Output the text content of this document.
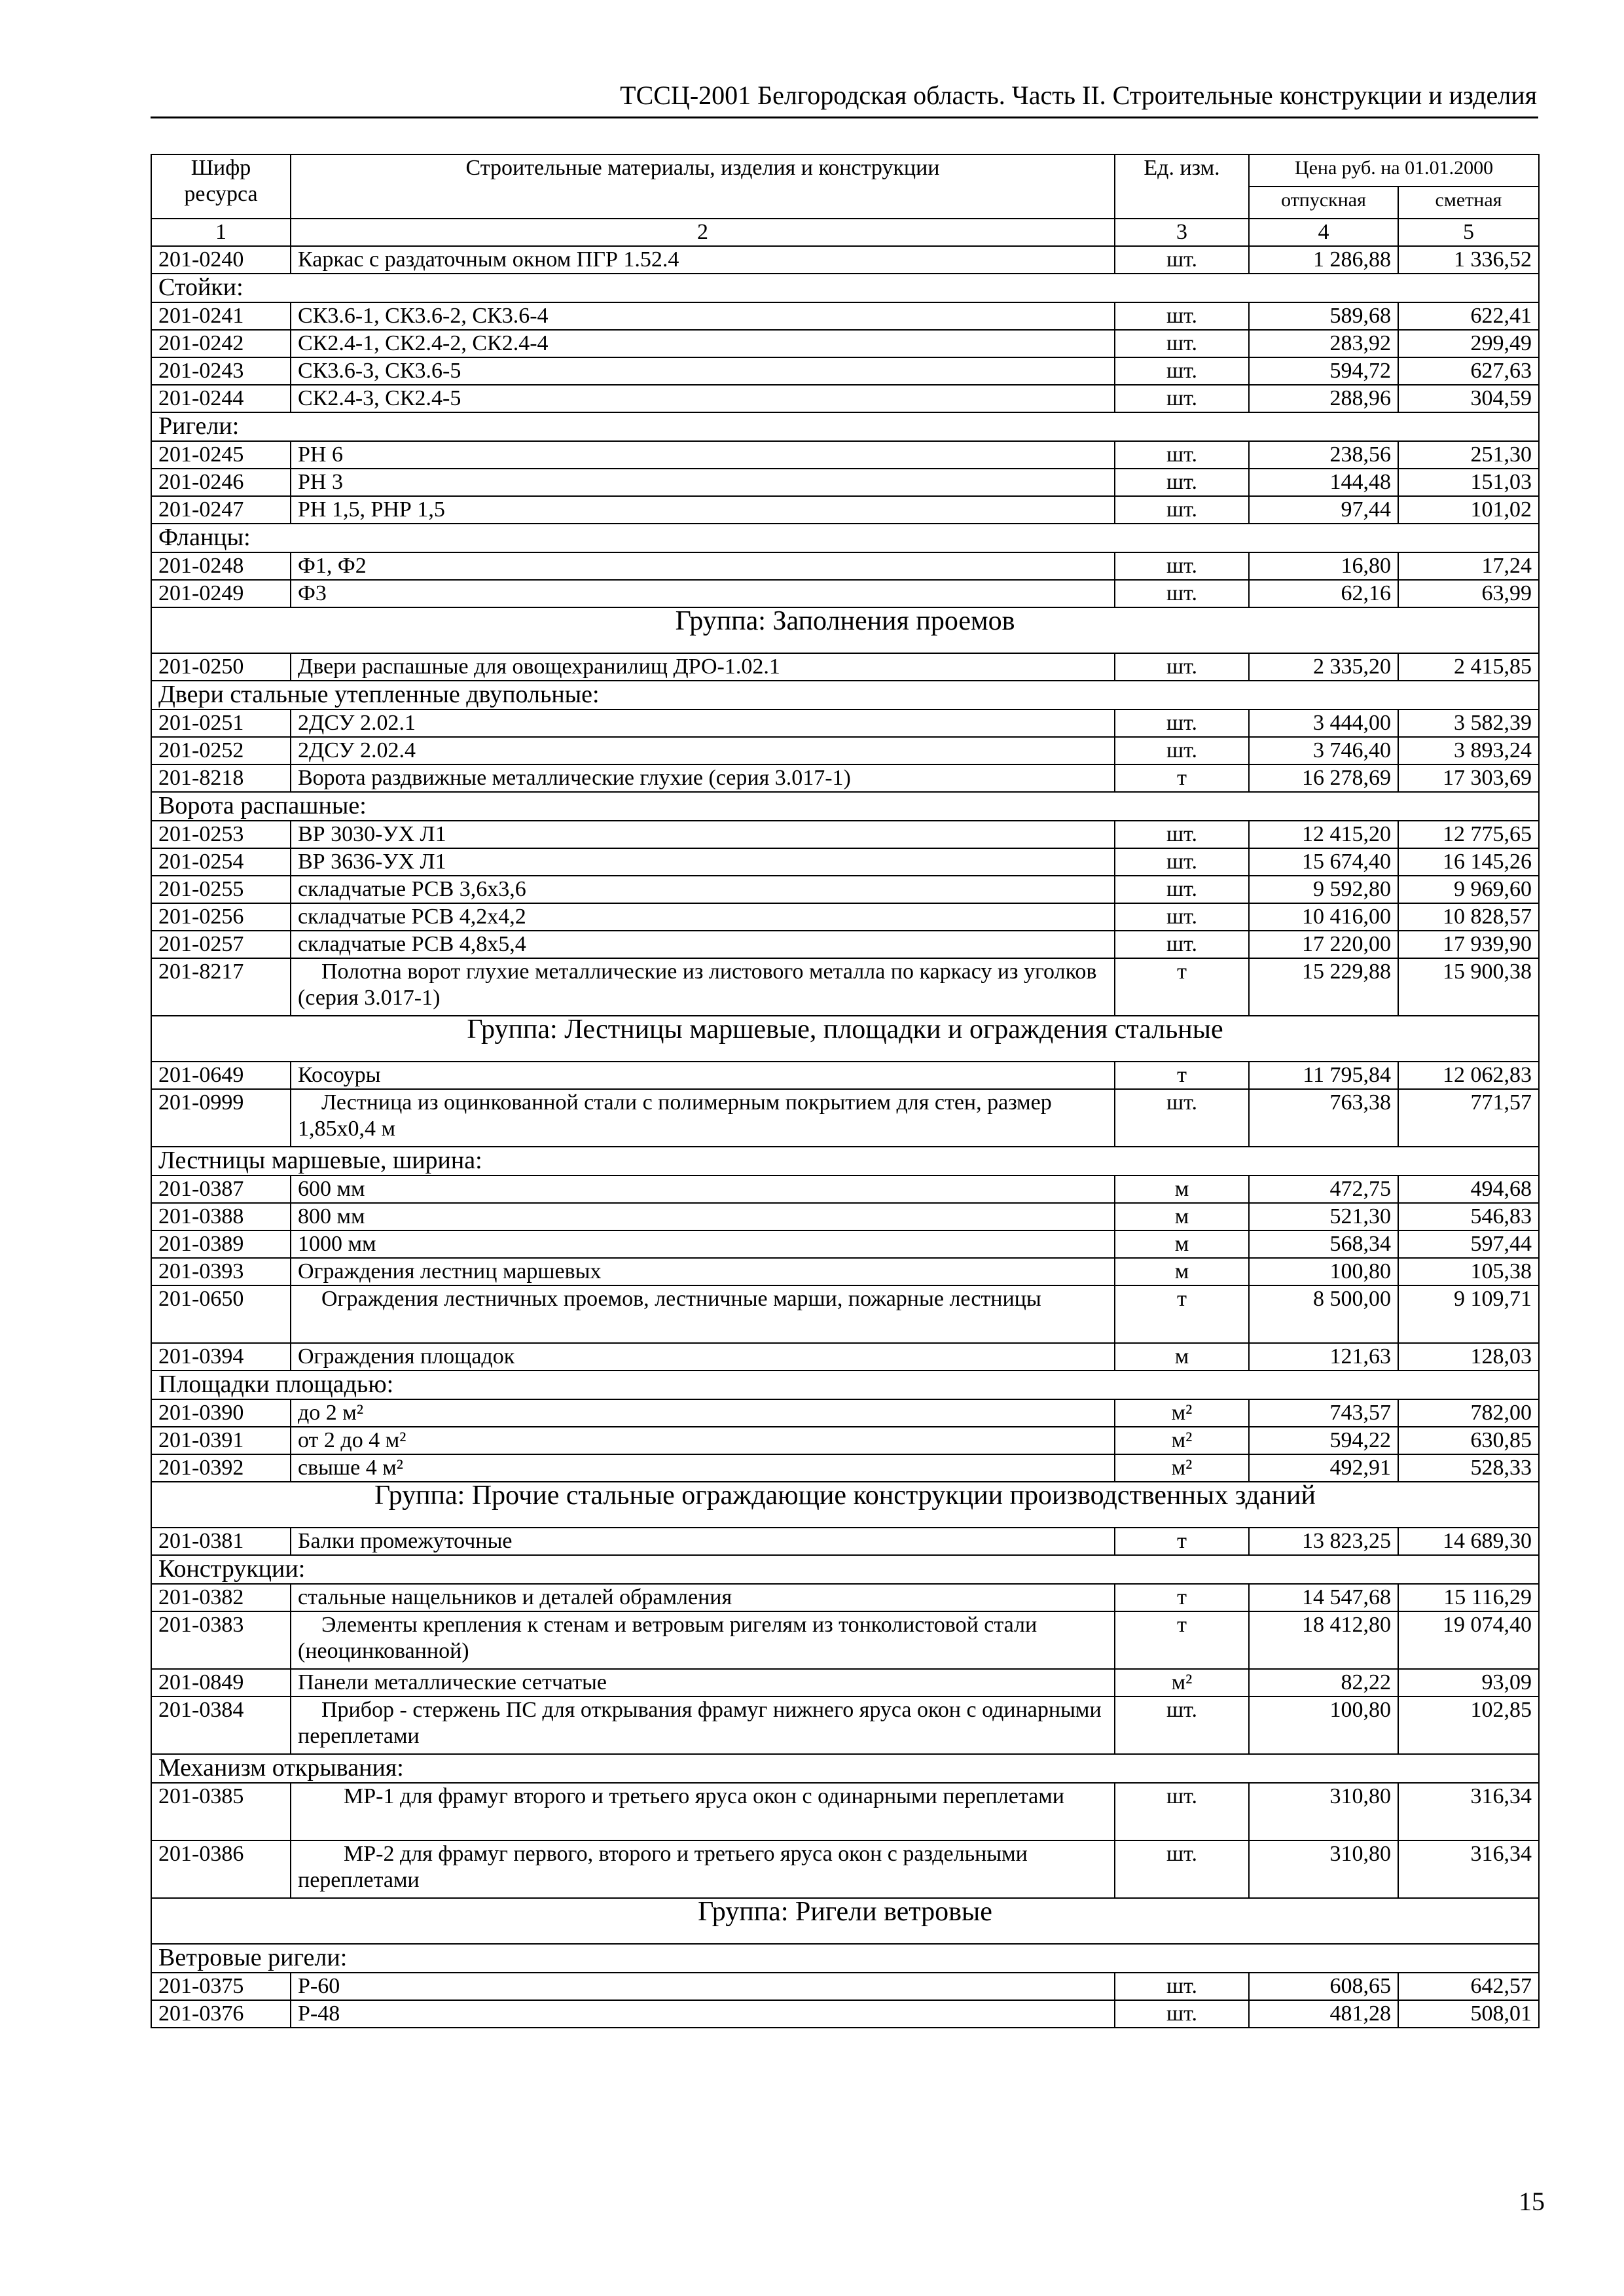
ТССЦ-2001 Белгородская область. Часть II. Строительные конструкции и изделия
Шифр ресурса	Строительные материалы, изделия и конструкции	Ед. изм.	Цена руб. на 01.01.2000	
			отпускная	сметная
1	2	3	4	5
201-0240	Каркас с раздаточным окном ПГР 1.52.4	шт.	1 286,88	1 336,52
Стойки:				
201-0241	СК3.6-1, СК3.6-2, СК3.6-4	шт.	589,68	622,41
201-0242	СК2.4-1, СК2.4-2, СК2.4-4	шт.	283,92	299,49
201-0243	СК3.6-3, СК3.6-5	шт.	594,72	627,63
201-0244	СК2.4-3, СК2.4-5	шт.	288,96	304,59
Ригели:				
201-0245	РН 6	шт.	238,56	251,30
201-0246	РН 3	шт.	144,48	151,03
201-0247	РН 1,5, РНР 1,5	шт.	97,44	101,02
Фланцы:				
201-0248	Ф1, Ф2	шт.	16,80	17,24
201-0249	Ф3	шт.	62,16	63,99
Группа: Заполнения проемов				
201-0250	Двери распашные для овощехранилищ ДРО-1.02.1	шт.	2 335,20	2 415,85
Двери стальные утепленные двупольные:				
201-0251	2ДСУ 2.02.1	шт.	3 444,00	3 582,39
201-0252	2ДСУ 2.02.4	шт.	3 746,40	3 893,24
201-8218	Ворота раздвижные металлические глухие (серия 3.017-1)	т	16 278,69	17 303,69
Ворота распашные:				
201-0253	ВР 3030-УХ Л1	шт.	12 415,20	12 775,65
201-0254	ВР 3636-УХ Л1	шт.	15 674,40	16 145,26
201-0255	складчатые РСВ 3,6х3,6	шт.	9 592,80	9 969,60
201-0256	складчатые РСВ 4,2х4,2	шт.	10 416,00	10 828,57
201-0257	складчатые РСВ 4,8х5,4	шт.	17 220,00	17 939,90
201-8217	Полотна ворот глухие металлические из листового металла по каркасу из уголков (серия 3.017-1)	т	15 229,88	15 900,38
Группа: Лестницы маршевые, площадки и ограждения стальные				
201-0649	Косоуры	т	11 795,84	12 062,83
201-0999	Лестница из оцинкованной стали с полимерным покрытием для стен, размер 1,85х0,4 м	шт.	763,38	771,57
Лестницы маршевые, ширина:				
201-0387	600 мм	м	472,75	494,68
201-0388	800 мм	м	521,30	546,83
201-0389	1000 мм	м	568,34	597,44
201-0393	Ограждения лестниц маршевых	м	100,80	105,38
201-0650	Ограждения лестничных проемов, лестничные марши, пожарные лестницы	т	8 500,00	9 109,71
201-0394	Ограждения площадок	м	121,63	128,03
Площадки площадью:				
201-0390	до 2 м²	м²	743,57	782,00
201-0391	от 2 до 4 м²	м²	594,22	630,85
201-0392	свыше 4 м²	м²	492,91	528,33
Группа: Прочие стальные ограждающие конструкции производственных зданий				
201-0381	Балки промежуточные	т	13 823,25	14 689,30
Конструкции:				
201-0382	стальные нащельников и деталей обрамления	т	14 547,68	15 116,29
201-0383	Элементы крепления к стенам и ветровым ригелям из тонколистовой стали (неоцинкованной)	т	18 412,80	19 074,40
201-0849	Панели металлические сетчатые	м²	82,22	93,09
201-0384	Прибор - стержень ПС для открывания фрамуг нижнего яруса окон с одинарными переплетами	шт.	100,80	102,85
Механизм открывания:				
201-0385	МР-1 для фрамуг второго и третьего яруса окон с одинарными переплетами	шт.	310,80	316,34
201-0386	МР-2 для фрамуг первого, второго и третьего яруса окон с раздельными переплетами	шт.	310,80	316,34
Группа: Ригели ветровые				
Ветровые ригели:				
201-0375	Р-60	шт.	608,65	642,57
201-0376	Р-48	шт.	481,28	508,01
15
